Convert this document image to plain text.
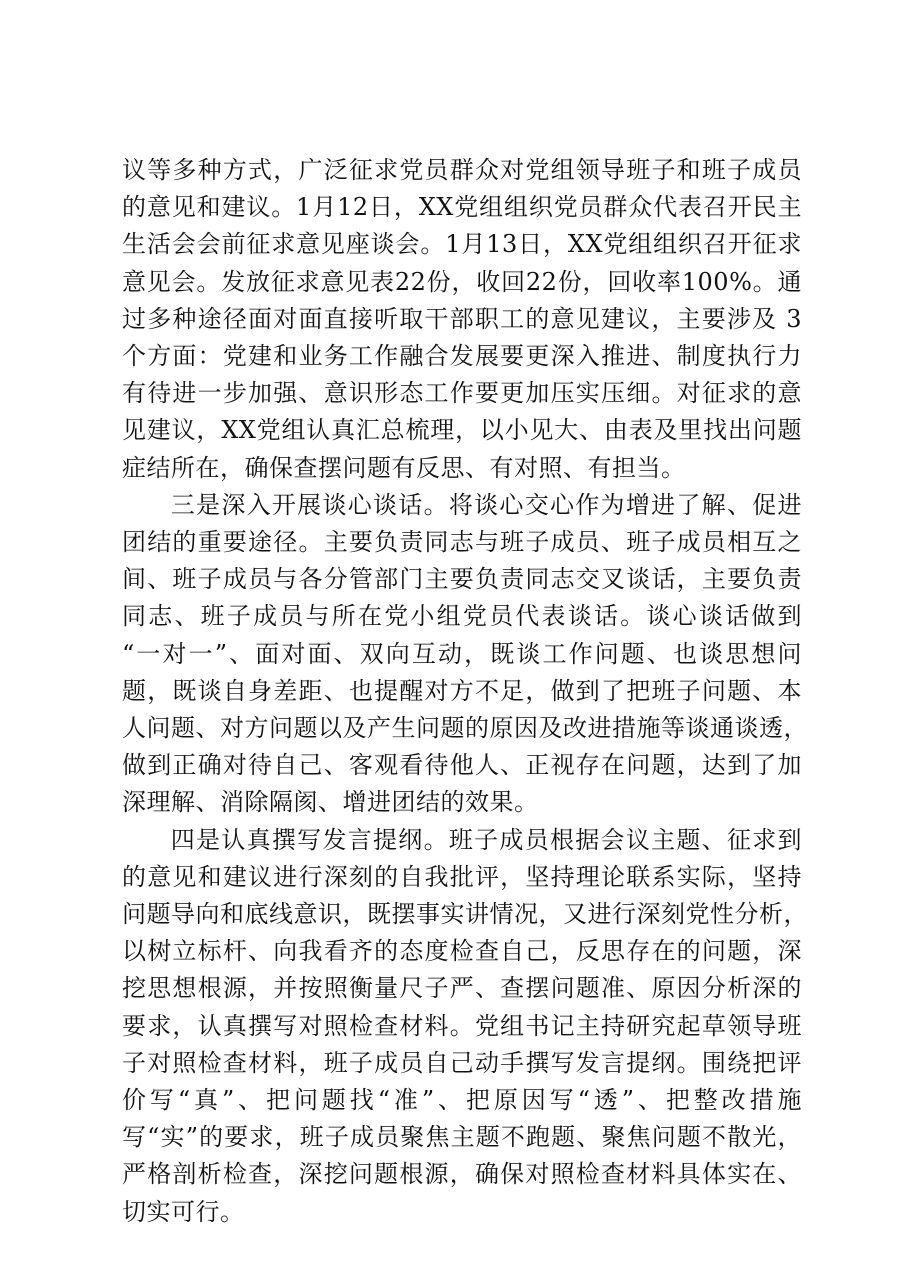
议等多种方式，广泛征求党员群众对党组领导班子和班子成员
的意见和建议。1月12日，XX党组组织党员群众代表召开民主
生活会会前征求意见座谈会。1月13日，XX党组组织召开征求
意见会。发放征求意见表22份，收回22份，回收率100%。通
过多种途径面对面直接听取干部职工的意见建议，主要涉及 3
个方面：党建和业务工作融合发展要更深入推进、制度执行力
有待进一步加强、意识形态工作要更加压实压细。对征求的意
见建议，XX党组认真汇总梳理，以小见大、由表及里找出问题
症结所在，确保查摆问题有反思、有对照、有担当。
三是深入开展谈心谈话。将谈心交心作为增进了解、促进
团结的重要途径。主要负责同志与班子成员、班子成员相互之
间、班子成员与各分管部门主要负责同志交叉谈话，主要负责
同志、班子成员与所在党小组党员代表谈话。谈心谈话做到
“一对一”、面对面、双向互动，既谈工作问题、也谈思想问
题，既谈自身差距、也提醒对方不足，做到了把班子问题、本
人问题、对方问题以及产生问题的原因及改进措施等谈通谈透，
做到正确对待自己、客观看待他人、正视存在问题，达到了加
深理解、消除隔阂、增进团结的效果。
四是认真撰写发言提纲。班子成员根据会议主题、征求到
的意见和建议进行深刻的自我批评，坚持理论联系实际，坚持
问题导向和底线意识，既摆事实讲情况，又进行深刻党性分析，
以树立标杆、向我看齐的态度检查自己，反思存在的问题，深
挖思想根源，并按照衡量尺子严、查摆问题准、原因分析深的
要求，认真撰写对照检查材料。党组书记主持研究起草领导班
子对照检查材料，班子成员自己动手撰写发言提纲。围绕把评
价写“真”、把问题找“准”、把原因写“透”、把整改措施
写“实”的要求，班子成员聚焦主题不跑题、聚焦问题不散光，
严格剖析检查，深挖问题根源，确保对照检查材料具体实在、
切实可行。
